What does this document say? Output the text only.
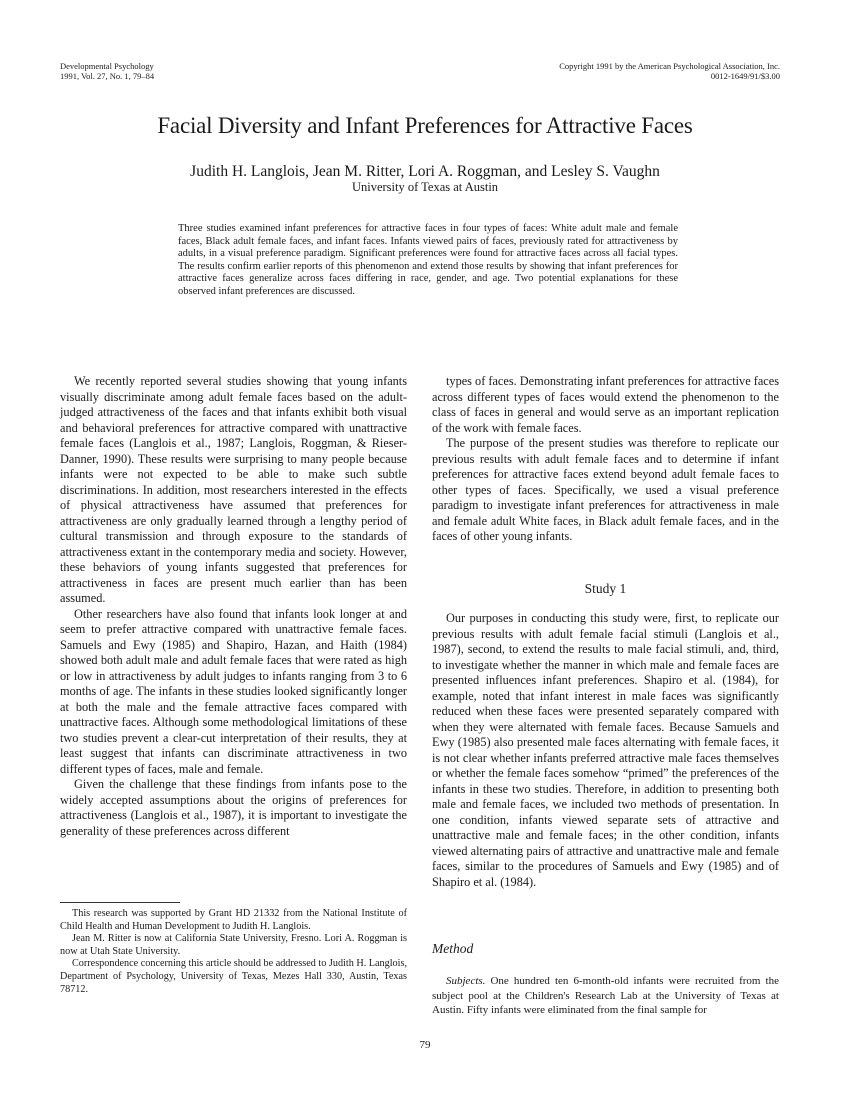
Developmental Psychology
1991, Vol. 27, No. 1, 79–84
Copyright 1991 by the American Psychological Association, Inc.
0012-1649/91/$3.00
Facial Diversity and Infant Preferences for Attractive Faces
Judith H. Langlois, Jean M. Ritter, Lori A. Roggman, and Lesley S. Vaughn
University of Texas at Austin
Three studies examined infant preferences for attractive faces in four types of faces: White adult male and female faces, Black adult female faces, and infant faces. Infants viewed pairs of faces, previously rated for attractiveness by adults, in a visual preference paradigm. Significant preferences were found for attractive faces across all facial types. The results confirm earlier reports of this phenomenon and extend those results by showing that infant preferences for attractive faces generalize across faces differing in race, gender, and age. Two potential explanations for these observed infant preferences are discussed.

We recently reported several studies showing that young infants visually discriminate among adult female faces based on the adult-judged attractiveness of the faces and that infants exhibit both visual and behavioral preferences for attractive compared with unattractive female faces (Langlois et al., 1987; Langlois, Roggman, & Rieser-Danner, 1990). These results were surprising to many people because infants were not expected to be able to make such subtle discriminations. In addition, most researchers interested in the effects of physical attractiveness have assumed that preferences for attractiveness are only gradually learned through a lengthy period of cultural transmission and through exposure to the standards of attractiveness extant in the contemporary media and society. However, these behaviors of young infants suggested that preferences for attractiveness in faces are present much earlier than has been assumed.

Other researchers have also found that infants look longer at and seem to prefer attractive compared with unattractive female faces. Samuels and Ewy (1985) and Shapiro, Hazan, and Haith (1984) showed both adult male and adult female faces that were rated as high or low in attractiveness by adult judges to infants ranging from 3 to 6 months of age. The infants in these studies looked significantly longer at both the male and the female attractive faces compared with unattractive faces. Although some methodological limitations of these two studies prevent a clear-cut interpretation of their results, they at least suggest that infants can discriminate attractiveness in two different types of faces, male and female.

Given the challenge that these findings from infants pose to the widely accepted assumptions about the origins of preferences for attractiveness (Langlois et al., 1987), it is important to investigate the generality of these preferences across different

This research was supported by Grant HD 21332 from the National Institute of Child Health and Human Development to Judith H. Langlois.

Jean M. Ritter is now at California State University, Fresno. Lori A. Roggman is now at Utah State University.

Correspondence concerning this article should be addressed to Judith H. Langlois, Department of Psychology, University of Texas, Mezes Hall 330, Austin, Texas 78712.

types of faces. Demonstrating infant preferences for attractive faces across different types of faces would extend the phenomenon to the class of faces in general and would serve as an important replication of the work with female faces.

The purpose of the present studies was therefore to replicate our previous results with adult female faces and to determine if infant preferences for attractive faces extend beyond adult female faces to other types of faces. Specifically, we used a visual preference paradigm to investigate infant preferences for attractiveness in male and female adult White faces, in Black adult female faces, and in the faces of other young infants.

Study 1

Our purposes in conducting this study were, first, to replicate our previous results with adult female facial stimuli (Langlois et al., 1987), second, to extend the results to male facial stimuli, and, third, to investigate whether the manner in which male and female faces are presented influences infant preferences. Shapiro et al. (1984), for example, noted that infant interest in male faces was significantly reduced when these faces were presented separately compared with when they were alternated with female faces. Because Samuels and Ewy (1985) also presented male faces alternating with female faces, it is not clear whether infants preferred attractive male faces themselves or whether the female faces somehow “primed” the preferences of the infants in these two studies. Therefore, in addition to presenting both male and female faces, we included two methods of presentation. In one condition, infants viewed separate sets of attractive and unattractive male and female faces; in the other condition, infants viewed alternating pairs of attractive and unattractive male and female faces, similar to the procedures of Samuels and Ewy (1985) and of Shapiro et al. (1984).

Method

Subjects. One hundred ten 6-month-old infants were recruited from the subject pool at the Children's Research Lab at the University of Texas at Austin. Fifty infants were eliminated from the final sample for

79
